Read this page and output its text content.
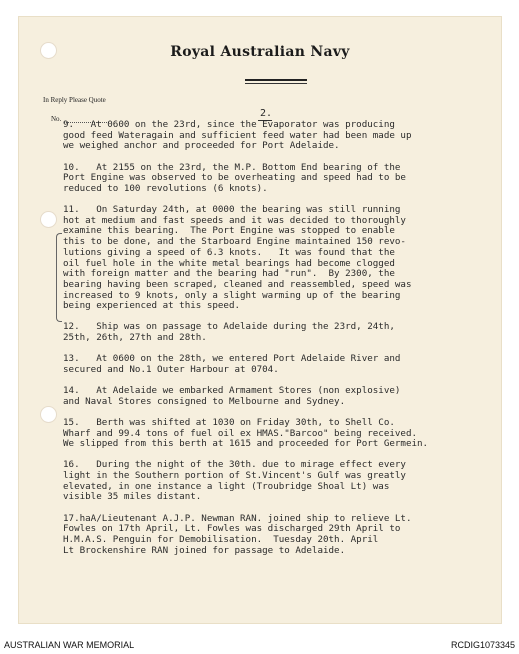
Royal Australian Navy
In Reply Please Quote
No.	2.

9.   At 0600 on the 23rd, since the Evaporator was producing
good feed Wateragain and sufficient feed water had been made up
we weighed anchor and proceeded for Port Adelaide.

10.   At 2155 on the 23rd, the M.P. Bottom End bearing of the
Port Engine was observed to be overheating and speed had to be
reduced to 100 revolutions (6 knots).

11.   On Saturday 24th, at 0000 the bearing was still running
hot at medium and fast speeds and it was decided to thoroughly
examine this bearing.  The Port Engine was stopped to enable
this to be done, and the Starboard Engine maintained 150 revo-
lutions giving a speed of 6.3 knots.   It was found that the
oil fuel hole in the white metal bearings had become clogged
with foreign matter and the bearing had "run".  By 2300, the
bearing having been scraped, cleaned and reassembled, speed was
increased to 9 knots, only a slight warming up of the bearing
being experienced at this speed.

12.   Ship was on passage to Adelaide during the 23rd, 24th,
25th, 26th, 27th and 28th.

13.   At 0600 on the 28th, we entered Port Adelaide River and
secured and No.1 Outer Harbour at 0704.

14.   At Adelaide we embarked Armament Stores (non explosive)
and Naval Stores consigned to Melbourne and Sydney.

15.   Berth was shifted at 1030 on Friday 30th, to Shell Co.
Wharf and 99.4 tons of fuel oil ex HMAS."Barcoo" being received.
We slipped from this berth at 1615 and proceeded for Port Germein.

16.   During the night of the 30th. due to mirage effect every
light in the Southern portion of St.Vincent's Gulf was greatly
elevated, in one instance a light (Troubridge Shoal Lt) was
visible 35 miles distant.

17.haA/Lieutenant A.J.P. Newman RAN. joined ship to relieve Lt.
Fowles on 17th April, Lt. Fowles was discharged 29th April to
H.M.A.S. Penguin for Demobilisation.  Tuesday 20th. April
Lt Brockenshire RAN joined for passage to Adelaide.

AUSTRALIAN WAR MEMORIAL	RCDIG1073345
